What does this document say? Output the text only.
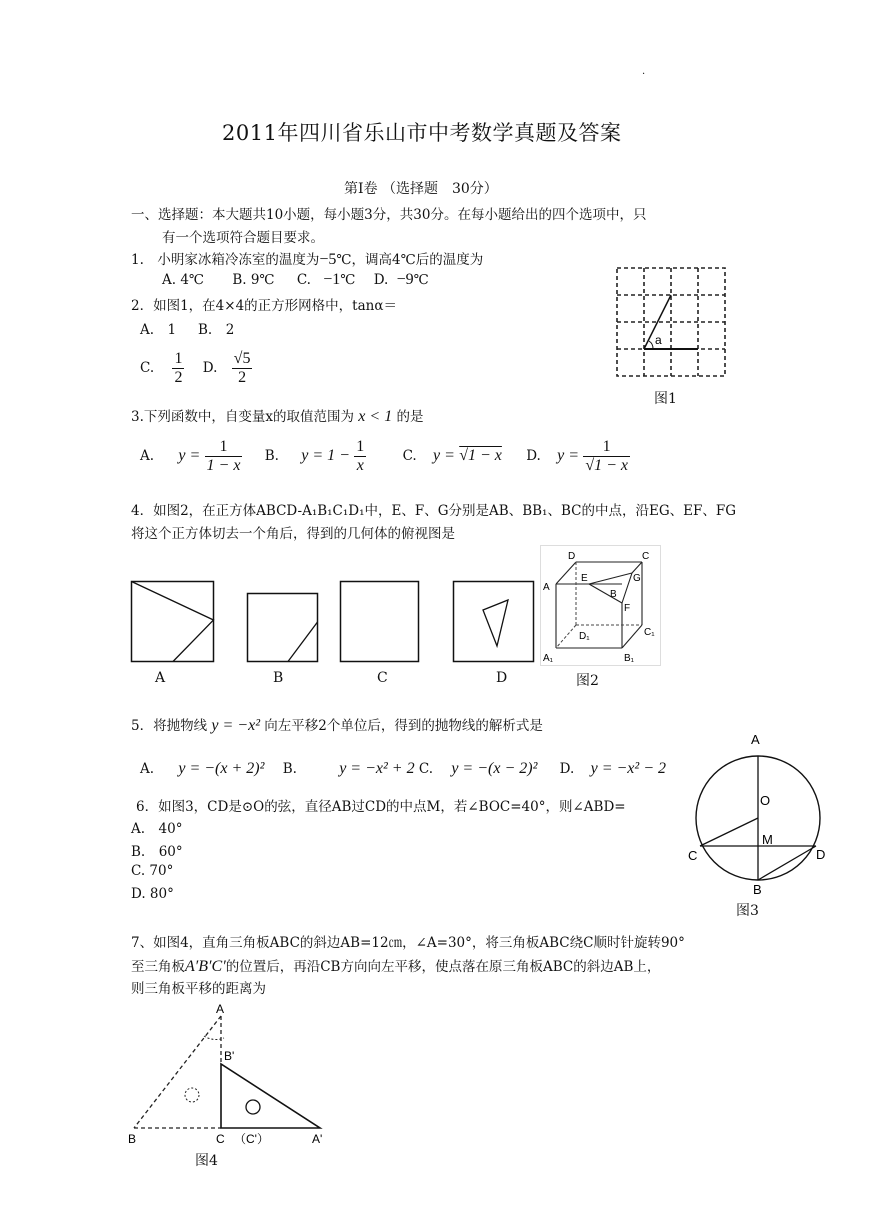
.
2011年四川省乐山市中考数学真题及答案
第Ⅰ卷 （选择题　30分）
一、选择题：本大题共10小题，每小题3分，共30分。在每小题给出的四个选项中，只
有一个选项符合题目要求。
1.　小明家冰箱冷冻室的温度为−5℃，调高4℃后的温度为
A. 4℃ B. 9℃ C. −1℃ D. −9℃
2．如图1，在4×4的正方形网格中，tanα＝
A.　1 B.　2
C. $\frac{1}{2} D$. $\frac{√5}{2}$
a
图1
3.下列函数中，自变量x的取值范围为 x < 1 的是
A. $y = \frac{1}{1 - x} B$. $y = 1 - \frac{1}{x}$	C. y = √1 − x D. $y = \frac{1}{√1 - x}$
4．如图2，在正方体ABCD-A₁B₁C₁D₁中，E、F、G分别是AB、BB₁、BC的中点，沿EG、EF、FG
将这个正方体切去一个角后，得到的几何体的俯视图是
A	B	C	D
D	C
A
E	G
B
F
D₁	C₁
A₁	B₁
图2
5．将抛物线 y = −x² 向左平移2个单位后，得到的抛物线的解析式是
A. y = −(x + 2)² B.	y = −x² + 2 C. y = −(x − 2)² D. y = −x² − 2
6．如图3，CD是⊙O的弦，直径AB过CD的中点M，若∠BOC=40°，则∠ABD=
A.　40°
B.　60°
C. 70°
D. 80°
A
O
M
C	D
B
图3
7、如图4，直角三角板ABC的斜边AB=12㎝，∠A=30°，将三角板ABC绕C顺时针旋转90°
至三角板A′B′C′的位置后，再沿CB方向向左平移，使点落在原三角板ABC的斜边AB上，
则三角板平移的距离为
A
B'
B	C （C'）	A'
图4
